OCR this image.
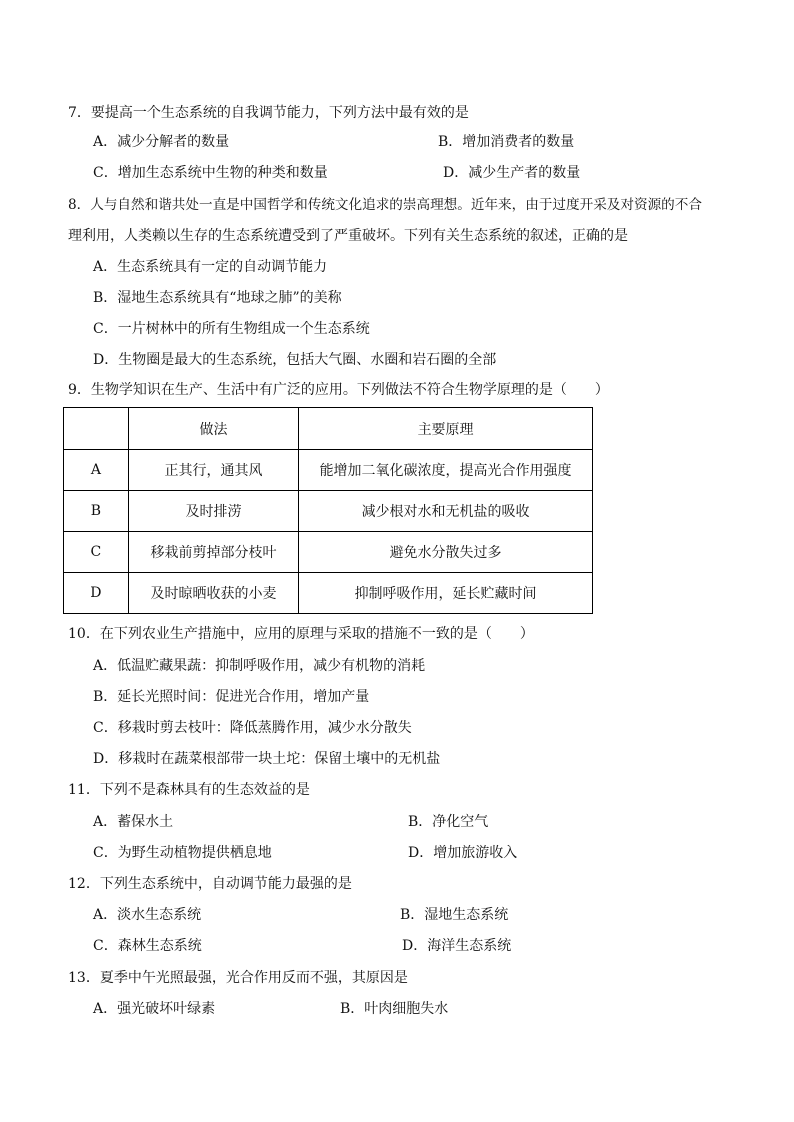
7．要提高一个生态系统的自我调节能力，下列方法中最有效的是
A．减少分解者的数量	B．增加消费者的数量
C．增加生态系统中生物的种类和数量	D．减少生产者的数量
8．人与自然和谐共处一直是中国哲学和传统文化追求的崇高理想。近年来，由于过度开采及对资源的不合
理利用，人类赖以生存的生态系统遭受到了严重破坏。下列有关生态系统的叙述，正确的是
A．生态系统具有一定的自动调节能力
B．湿地生态系统具有“地球之肺”的美称
C．一片树林中的所有生物组成一个生态系统
D．生物圈是最大的生态系统，包括大气圈、水圈和岩石圈的全部
9．生物学知识在生产、生活中有广泛的应用。下列做法不符合生物学原理的是（　　）
	做法	主要原理
A	正其行，通其风	能增加二氧化碳浓度，提高光合作用强度
B	及时排涝	减少根对水和无机盐的吸收
C	移栽前剪掉部分枝叶	避免水分散失过多
D	及时晾晒收获的小麦	抑制呼吸作用，延长贮藏时间
10．在下列农业生产措施中，应用的原理与采取的措施不一致的是（　　）
A．低温贮藏果蔬：抑制呼吸作用，减少有机物的消耗
B．延长光照时间：促进光合作用，增加产量
C．移栽时剪去枝叶：降低蒸腾作用，减少水分散失
D．移栽时在蔬菜根部带一块土坨：保留土壤中的无机盐
11．下列不是森林具有的生态效益的是
A．蓄保水土	B．净化空气
C．为野生动植物提供栖息地	D．增加旅游收入
12．下列生态系统中，自动调节能力最强的是
A．淡水生态系统	B．湿地生态系统
C．森林生态系统	D．海洋生态系统
13．夏季中午光照最强，光合作用反而不强，其原因是
A．强光破坏叶绿素	B．叶肉细胞失水
